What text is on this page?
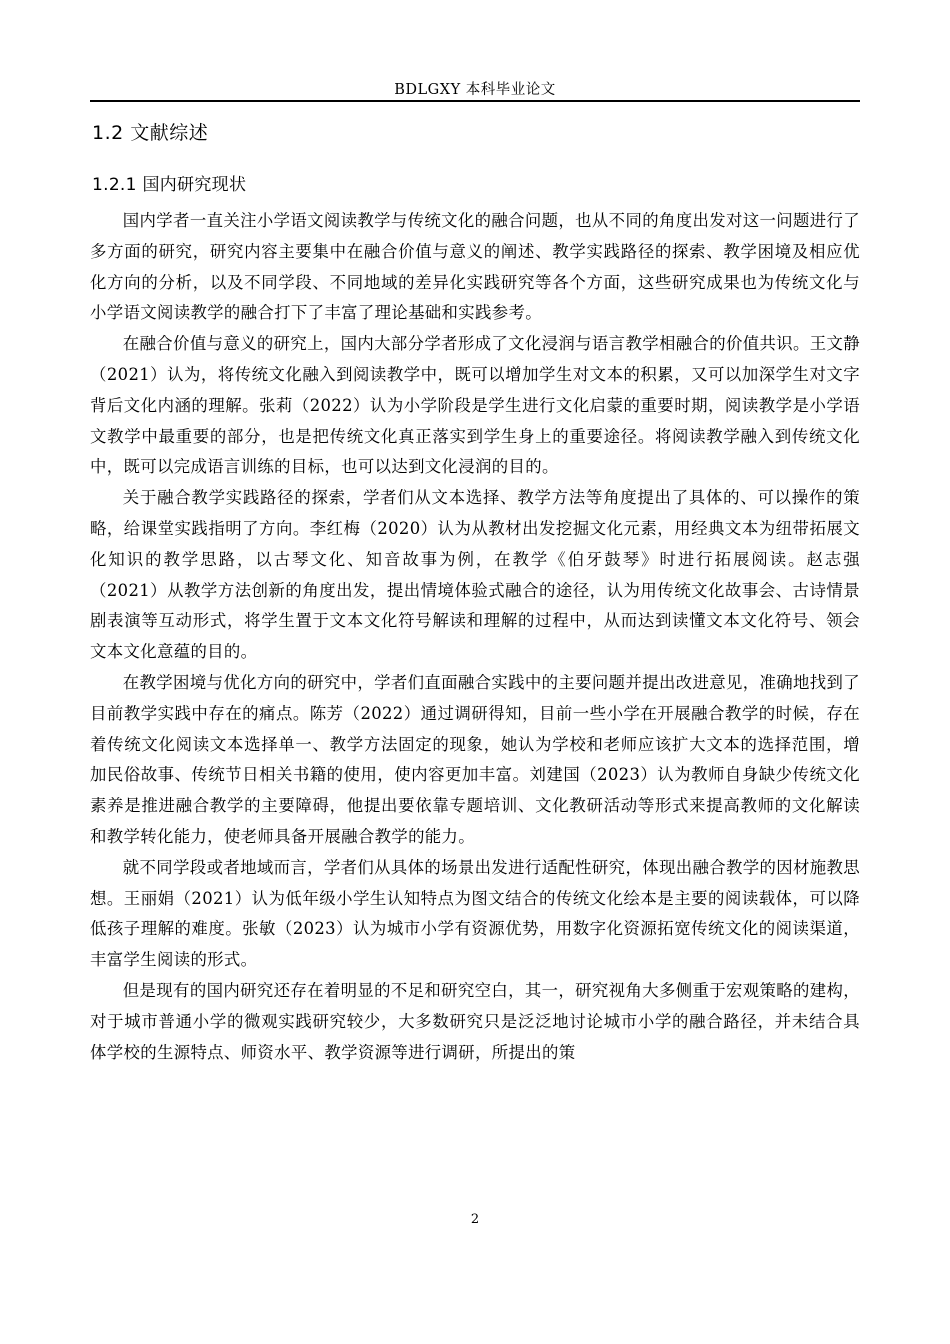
BDLGXY 本科毕业论文
1.2 文献综述
1.2.1 国内研究现状

国内学者一直关注小学语文阅读教学与传统文化的融合问题，也从不同的角度出发对这一问题进行了多方面的研究，研究内容主要集中在融合价值与意义的阐述、教学实践路径的探索、教学困境及相应优化方向的分析，以及不同学段、不同地域的差异化实践研究等各个方面，这些研究成果也为传统文化与小学语文阅读教学的融合打下了丰富了理论基础和实践参考。

在融合价值与意义的研究上，国内大部分学者形成了文化浸润与语言教学相融合的价值共识。王文静（2021）认为，将传统文化融入到阅读教学中，既可以增加学生对文本的积累，又可以加深学生对文字背后文化内涵的理解。张莉（2022）认为小学阶段是学生进行文化启蒙的重要时期，阅读教学是小学语文教学中最重要的部分，也是把传统文化真正落实到学生身上的重要途径。将阅读教学融入到传统文化中，既可以完成语言训练的目标，也可以达到文化浸润的目的。

关于融合教学实践路径的探索，学者们从文本选择、教学方法等角度提出了具体的、可以操作的策略，给课堂实践指明了方向。李红梅（2020）认为从教材出发挖掘文化元素，用经典文本为纽带拓展文化知识的教学思路，以古琴文化、知音故事为例，在教学《伯牙鼓琴》时进行拓展阅读。赵志强（2021）从教学方法创新的角度出发，提出情境体验式融合的途径，认为用传统文化故事会、古诗情景剧表演等互动形式，将学生置于文本文化符号解读和理解的过程中，从而达到读懂文本文化符号、领会文本文化意蕴的目的。

在教学困境与优化方向的研究中，学者们直面融合实践中的主要问题并提出改进意见，准确地找到了目前教学实践中存在的痛点。陈芳（2022）通过调研得知，目前一些小学在开展融合教学的时候，存在着传统文化阅读文本选择单一、教学方法固定的现象，她认为学校和老师应该扩大文本的选择范围，增加民俗故事、传统节日相关书籍的使用，使内容更加丰富。刘建国（2023）认为教师自身缺少传统文化素养是推进融合教学的主要障碍，他提出要依靠专题培训、文化教研活动等形式来提高教师的文化解读和教学转化能力，使老师具备开展融合教学的能力。

就不同学段或者地域而言，学者们从具体的场景出发进行适配性研究，体现出融合教学的因材施教思想。王丽娟（2021）认为低年级小学生认知特点为图文结合的传统文化绘本是主要的阅读载体，可以降低孩子理解的难度。张敏（2023）认为城市小学有资源优势，用数字化资源拓宽传统文化的阅读渠道，丰富学生阅读的形式。

但是现有的国内研究还存在着明显的不足和研究空白，其一，研究视角大多侧重于宏观策略的建构，对于城市普通小学的微观实践研究较少，大多数研究只是泛泛地讨论城市小学的融合路径，并未结合具体学校的生源特点、师资水平、教学资源等进行调研，所提出的策

2
